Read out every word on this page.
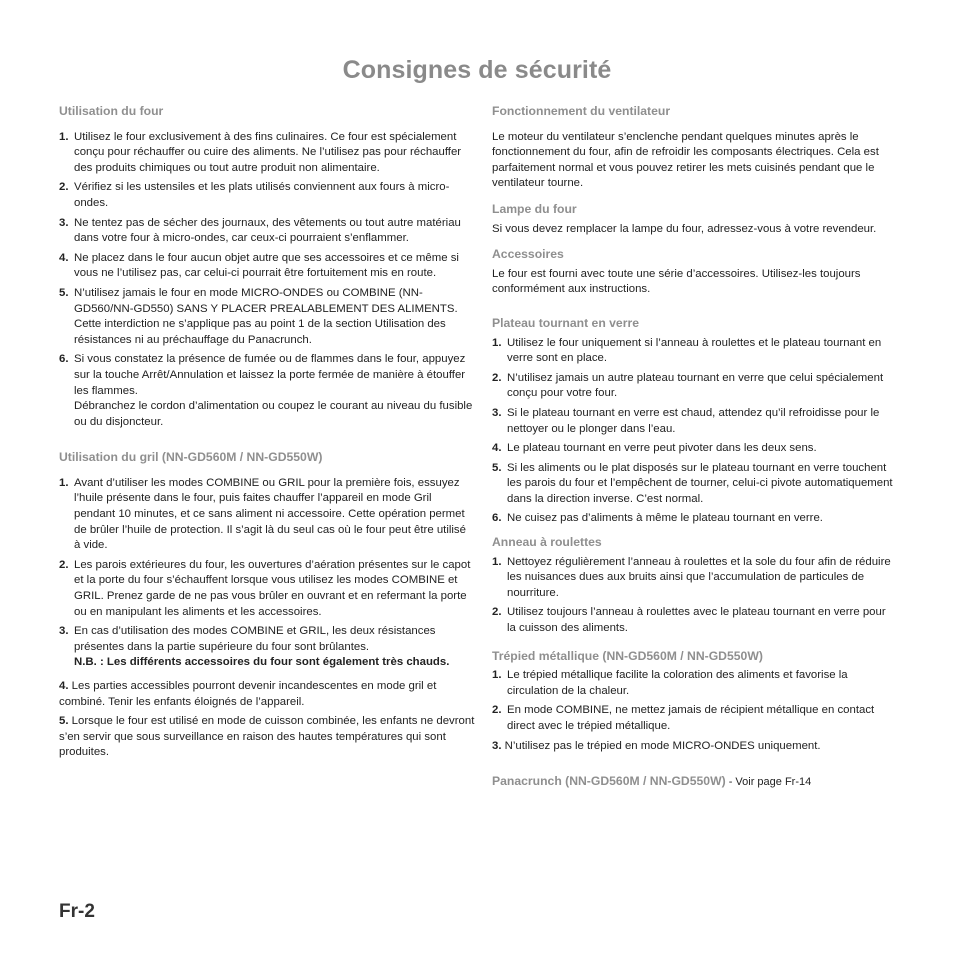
Consignes de sécurité
Utilisation du four
1. Utilisez le four exclusivement à des fins culinaires. Ce four est spécialement conçu pour réchauffer ou cuire des aliments. Ne l’utilisez pas pour réchauffer des produits chimiques ou tout autre produit non alimentaire.
2. Vérifiez si les ustensiles et les plats utilisés conviennent aux fours à micro-ondes.
3. Ne tentez pas de sécher des journaux, des vêtements ou tout autre matériau dans votre four à micro-ondes, car ceux-ci pourraient s’enflammer.
4. Ne placez dans le four aucun objet autre que ses accessoires et ce même si vous ne l’utilisez pas, car celui-ci pourrait être fortuitement mis en route.
5. N’utilisez jamais le four en mode MICRO-ONDES ou COMBINE (NN-GD560/NN-GD550) SANS Y PLACER PREALABLEMENT DES ALIMENTS. Cette interdiction ne s’applique pas au point 1 de la section Utilisation des résistances ni au préchauffage du Panacrunch.
6. Si vous constatez la présence de fumée ou de flammes dans le four, appuyez sur la touche Arrêt/Annulation et laissez la porte fermée de manière à étouffer les flammes.
Débranchez le cordon d’alimentation ou coupez le courant au niveau du fusible ou du disjoncteur.
Utilisation du gril (NN-GD560M / NN-GD550W)
1. Avant d’utiliser les modes COMBINE ou GRIL pour la première fois, essuyez l’huile présente dans le four, puis faites chauffer l’appareil en mode Gril pendant 10 minutes, et ce sans aliment ni accessoire. Cette opération permet de brûler l’huile de protection. Il s’agit là du seul cas où le four peut être utilisé à vide.
2. Les parois extérieures du four, les ouvertures d’aération présentes sur le capot et la porte du four s’échauffent lorsque vous utilisez les modes COMBINE et GRIL. Prenez garde de ne pas vous brûler en ouvrant et en refermant la porte ou en manipulant les aliments et les accessoires.
3. En cas d’utilisation des modes COMBINE et GRIL, les deux résistances présentes dans la partie supérieure du four sont brûlantes.
N.B. : Les différents accessoires du four sont également très chauds.
4. Les parties accessibles pourront devenir incandescentes en mode gril et combiné. Tenir les enfants éloignés de l’appareil.
5. Lorsque le four est utilisé en mode de cuisson combinée, les enfants ne devront s’en servir que sous surveillance en raison des hautes températures qui sont produites.
Fonctionnement du ventilateur

Le moteur du ventilateur s’enclenche pendant quelques minutes après le fonctionnement du four, afin de refroidir les composants électriques. Cela est parfaitement normal et vous pouvez retirer les mets cuisinés pendant que le ventilateur tourne.

Lampe du four

Si vous devez remplacer la lampe du four, adressez-vous à votre revendeur.

Accessoires

Le four est fourni avec toute une série d’accessoires. Utilisez-les toujours conformément aux instructions.

Plateau tournant en verre
1. Utilisez le four uniquement si l’anneau à roulettes et le plateau tournant en verre sont en place.
2. N’utilisez jamais un autre plateau tournant en verre que celui spécialement conçu pour votre four.
3. Si le plateau tournant en verre est chaud, attendez qu’il refroidisse pour le nettoyer ou le plonger dans l’eau.
4. Le plateau tournant en verre peut pivoter dans les deux sens.
5. Si les aliments ou le plat disposés sur le plateau tournant en verre touchent les parois du four et l’empêchent de tourner, celui-ci pivote automatiquement dans la direction inverse. C’est normal.
6. Ne cuisez pas d’aliments à même le plateau tournant en verre.
Anneau à roulettes
1. Nettoyez régulièrement l’anneau à roulettes et la sole du four afin de réduire les nuisances dues aux bruits ainsi que l’accumulation de particules de nourriture.
2. Utilisez toujours l’anneau à roulettes avec le plateau tournant en verre pour la cuisson des aliments.
Trépied métallique (NN-GD560M / NN-GD550W)
1. Le trépied métallique facilite la coloration des aliments et favorise la circulation de la chaleur.
2. En mode COMBINE, ne mettez jamais de récipient métallique en contact direct avec le trépied métallique.
3. N’utilisez pas le trépied en mode MICRO-ONDES uniquement.
Panacrunch (NN-GD560M / NN-GD550W) - Voir page Fr-14
Fr-2
